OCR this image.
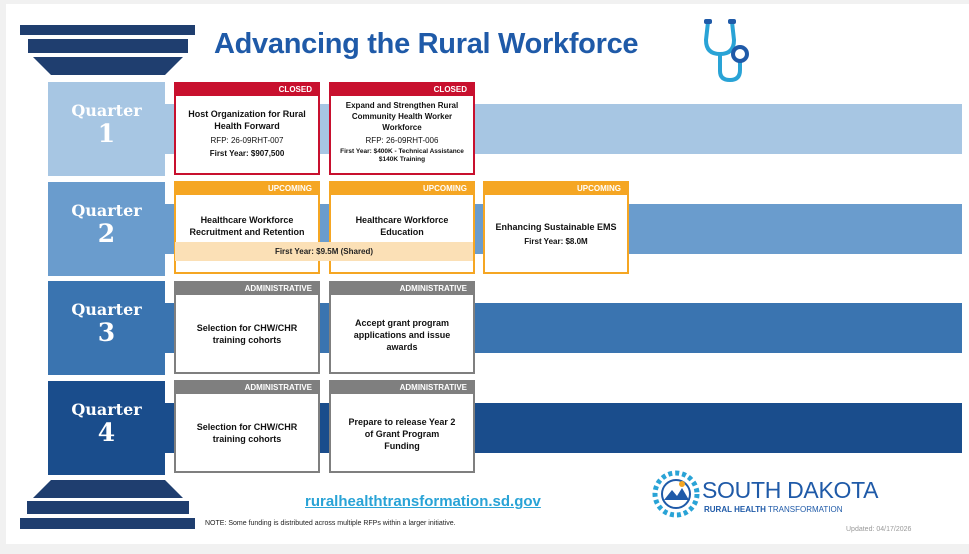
Advancing the Rural Workforce
Quarter
1
Quarter
2
Quarter
3
Quarter
4
CLOSED
Host Organization for Rural Health Forward
RFP: 26-09RHT-007
First Year: $907,500
CLOSED
Expand and Strengthen Rural Community Health Worker Workforce
RFP: 26-09RHT-006
First Year: $400K - Technical Assistance $140K Training
UPCOMING
Healthcare Workforce Recruitment and Retention
UPCOMING
Healthcare Workforce Education
First Year: $9.5M (Shared)
UPCOMING
Enhancing Sustainable EMS
First Year: $8.0M
ADMINISTRATIVE
Selection for CHW/CHR training cohorts
ADMINISTRATIVE
Accept grant program applications and issue awards
ADMINISTRATIVE
Selection for CHW/CHR training cohorts
ADMINISTRATIVE
Prepare to release Year 2 of Grant Program Funding
ruralhealthtransformation.sd.gov
NOTE: Some funding is distributed across multiple RFPs within a larger initiative.
SOUTH DAKOTA
RURAL HEALTH TRANSFORMATION
Updated: 04/17/2026
